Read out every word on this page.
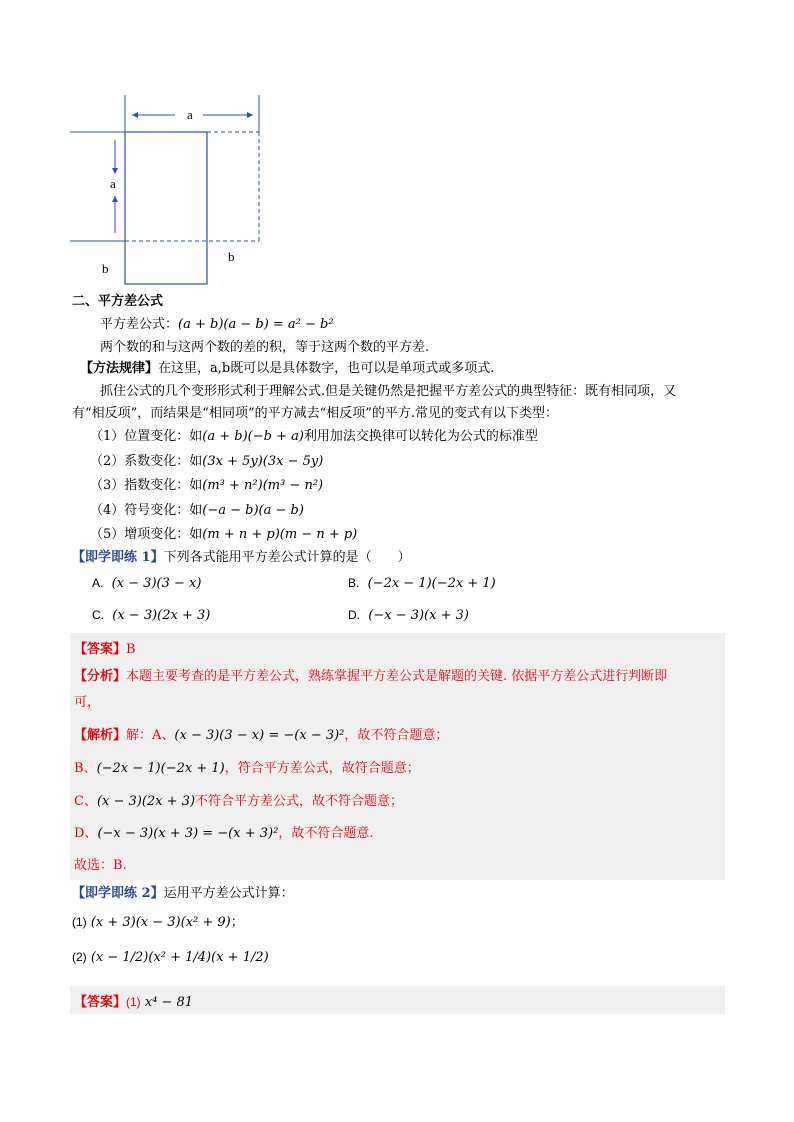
a
a
b
b
二、平方差公式
平方差公式：(a + b)(a − b) = a² − b²
两个数的和与这两个数的差的积，等于这两个数的平方差.
【方法规律】在这里，a,b既可以是具体数字，也可以是单项式或多项式.
抓住公式的几个变形形式利于理解公式.但是关键仍然是把握平方差公式的典型特征：既有相同项，又
有“相反项”，而结果是“相同项”的平方减去“相反项”的平方.常见的变式有以下类型：
（1）位置变化：如(a + b)(−b + a)利用加法交换律可以转化为公式的标准型
（2）系数变化：如(3x + 5y)(3x − 5y)
（3）指数变化：如(m³ + n²)(m³ − n²)
（4）符号变化：如(−a − b)(a − b)
（5）增项变化：如(m + n + p)(m − n + p)
【即学即练 1】下列各式能用平方差公式计算的是（　　）
A. (x − 3)(3 − x)	B. (−2x − 1)(−2x + 1)
C. (x − 3)(2x + 3)	D. (−x − 3)(x + 3)
【答案】B
【分析】本题主要考查的是平方差公式，熟练掌握平方差公式是解题的关键. 依据平方差公式进行判断即
可，
【解析】解：A、(x − 3)(3 − x) = −(x − 3)²，故不符合题意；
B、(−2x − 1)(−2x + 1)，符合平方差公式，故符合题意；
C、(x − 3)(2x + 3)不符合平方差公式，故不符合题意；
D、(−x − 3)(x + 3) = −(x + 3)²，故不符合题意.
故选：B.
【即学即练 2】运用平方差公式计算：
(1) (x + 3)(x − 3)(x² + 9)；
(2) (x − 1/2)(x² + 1/4)(x + 1/2)
【答案】(1) x⁴ − 81
